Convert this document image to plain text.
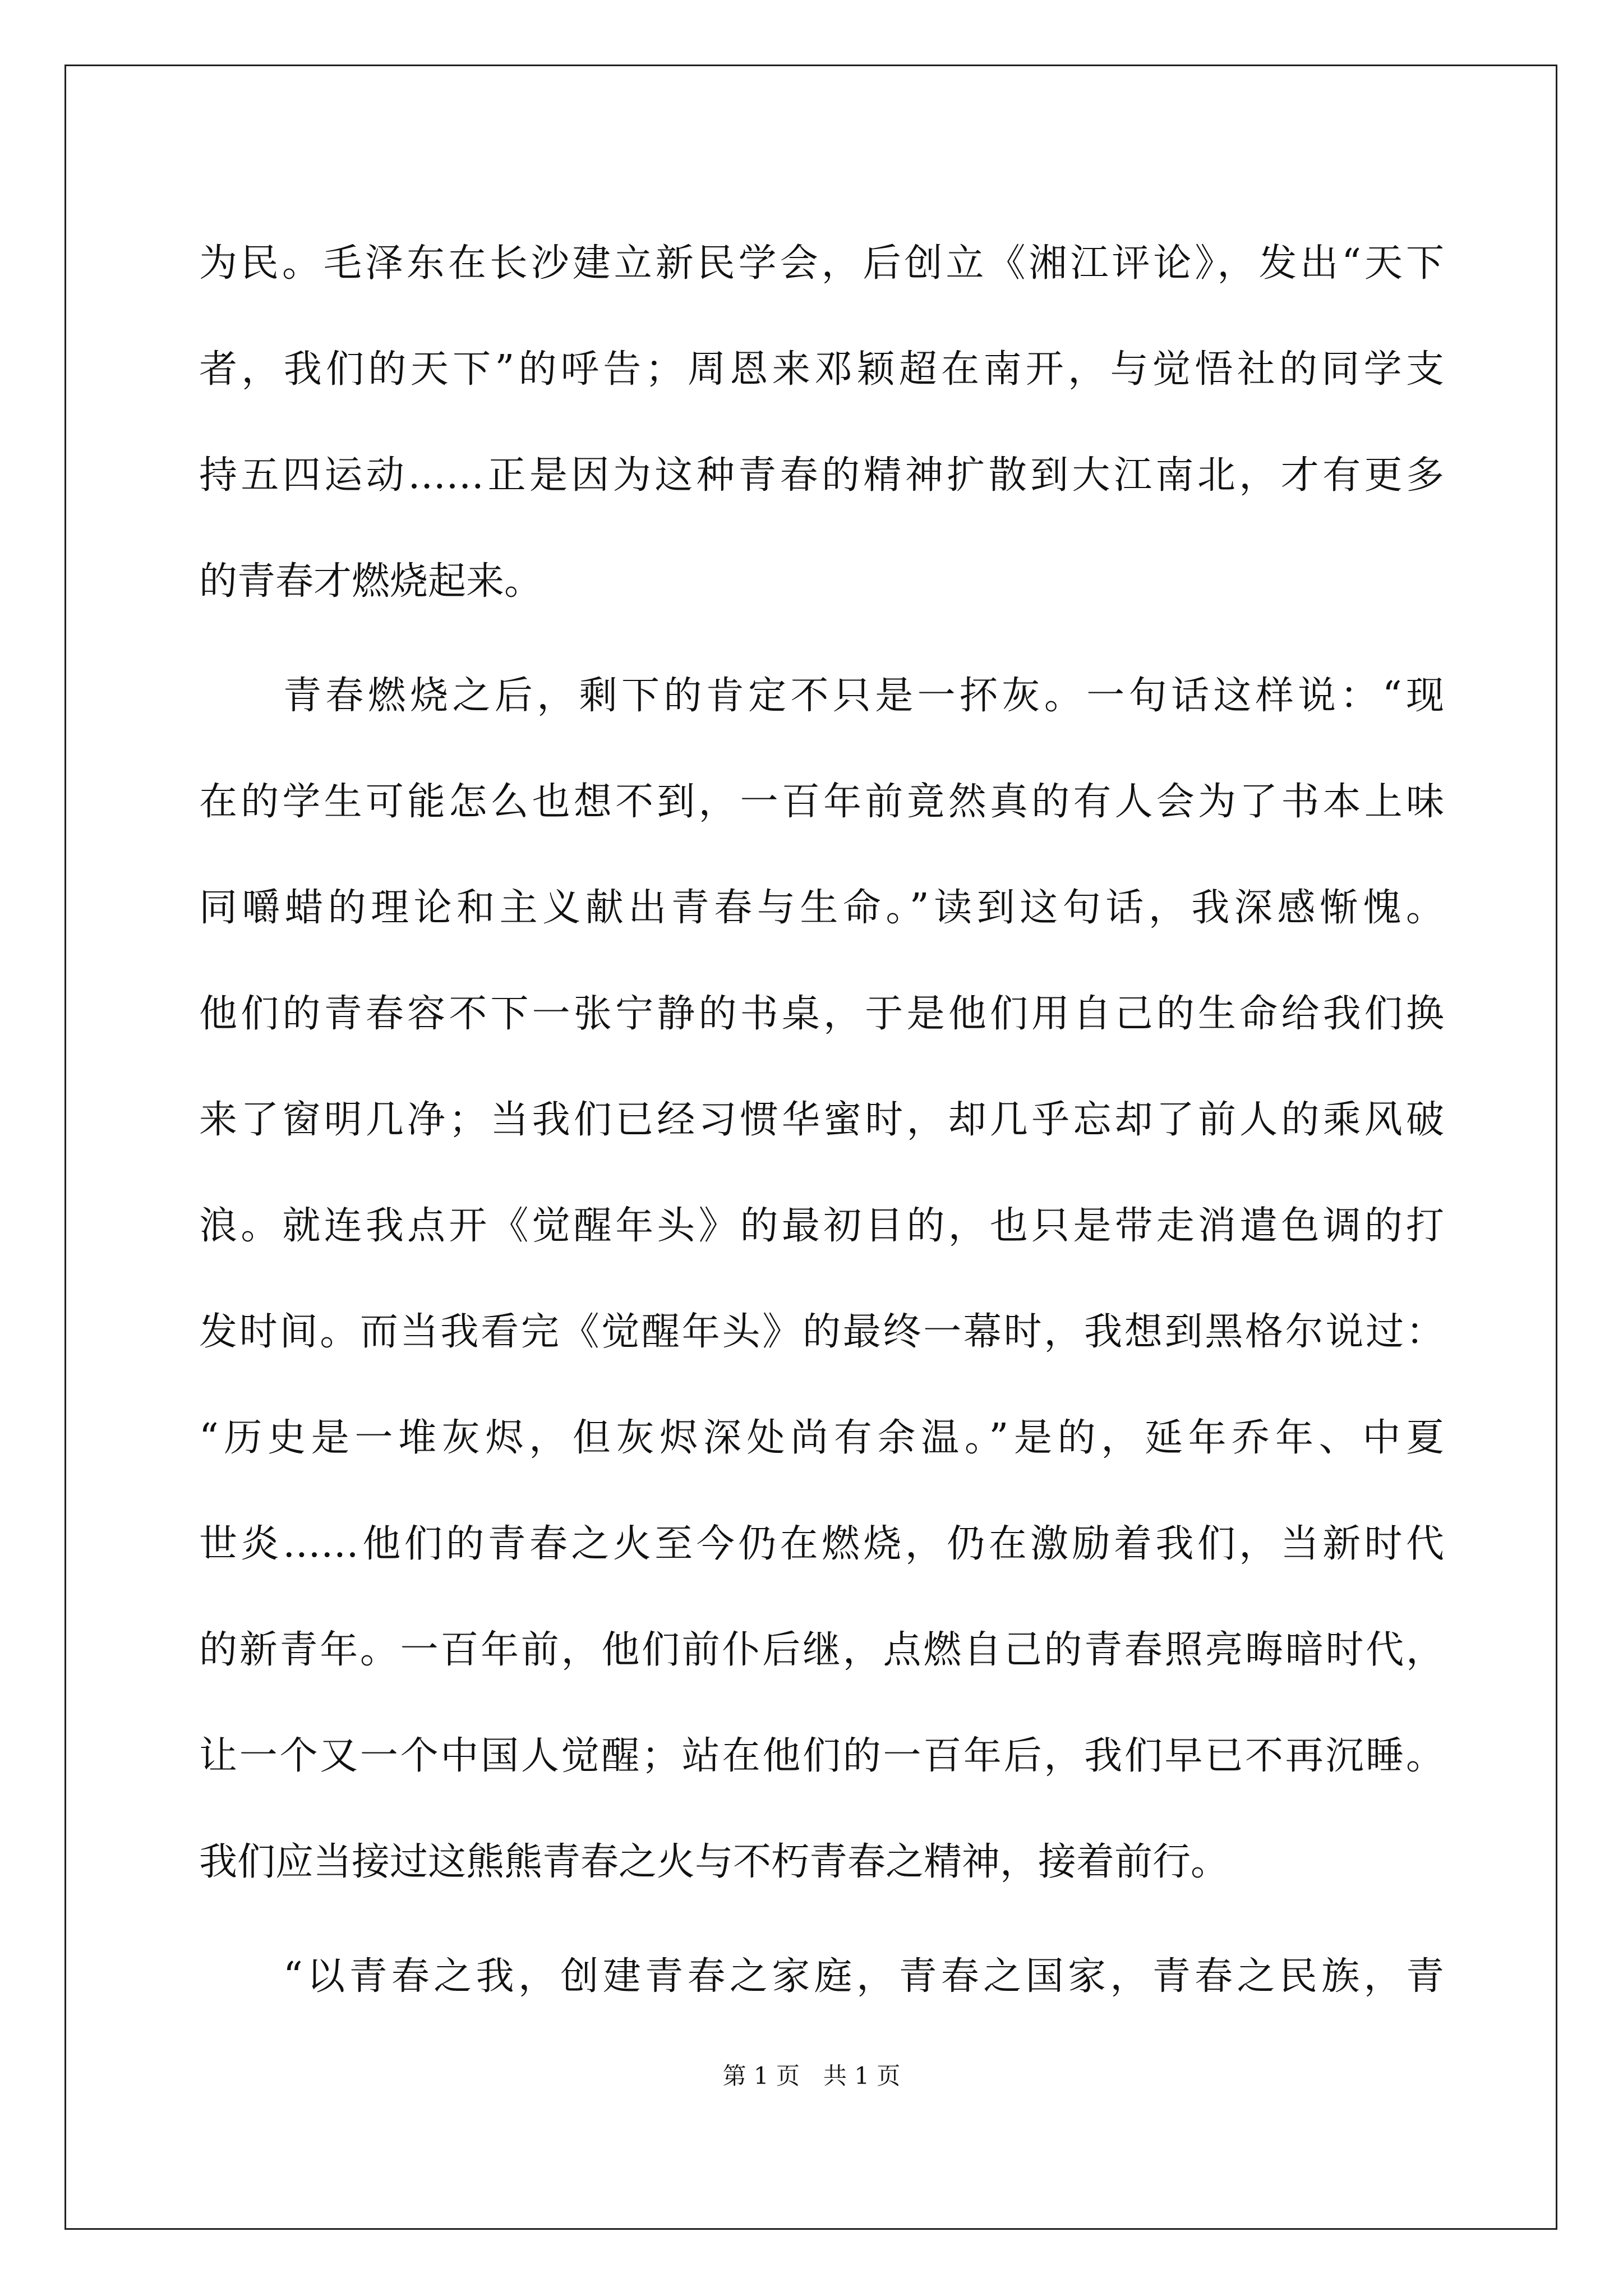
为民。毛泽东在长沙建立新民学会，后创立《湘江评论》，发出“天下
者，我们的天下”的呼告；周恩来邓颖超在南开，与觉悟社的同学支
持五四运动……正是因为这种青春的精神扩散到大江南北，才有更多
的青春才燃烧起来。
青春燃烧之后，剩下的肯定不只是一抔灰。一句话这样说：“现
在的学生可能怎么也想不到，一百年前竟然真的有人会为了书本上味
同嚼蜡的理论和主义献出青春与生命。”读到这句话，我深感惭愧。
他们的青春容不下一张宁静的书桌，于是他们用自己的生命给我们换
来了窗明几净；当我们已经习惯华蜜时，却几乎忘却了前人的乘风破
浪。就连我点开《觉醒年头》的最初目的，也只是带走消遣色调的打
发时间。而当我看完《觉醒年头》的最终一幕时，我想到黑格尔说过：
“历史是一堆灰烬，但灰烬深处尚有余温。”是的，延年乔年、中夏
世炎……他们的青春之火至今仍在燃烧，仍在激励着我们，当新时代
的新青年。一百年前，他们前仆后继，点燃自己的青春照亮晦暗时代，
让一个又一个中国人觉醒；站在他们的一百年后，我们早已不再沉睡。
我们应当接过这熊熊青春之火与不朽青春之精神，接着前行。
“以青春之我，创建青春之家庭，青春之国家，青春之民族，青
第 1 页　共 1 页
